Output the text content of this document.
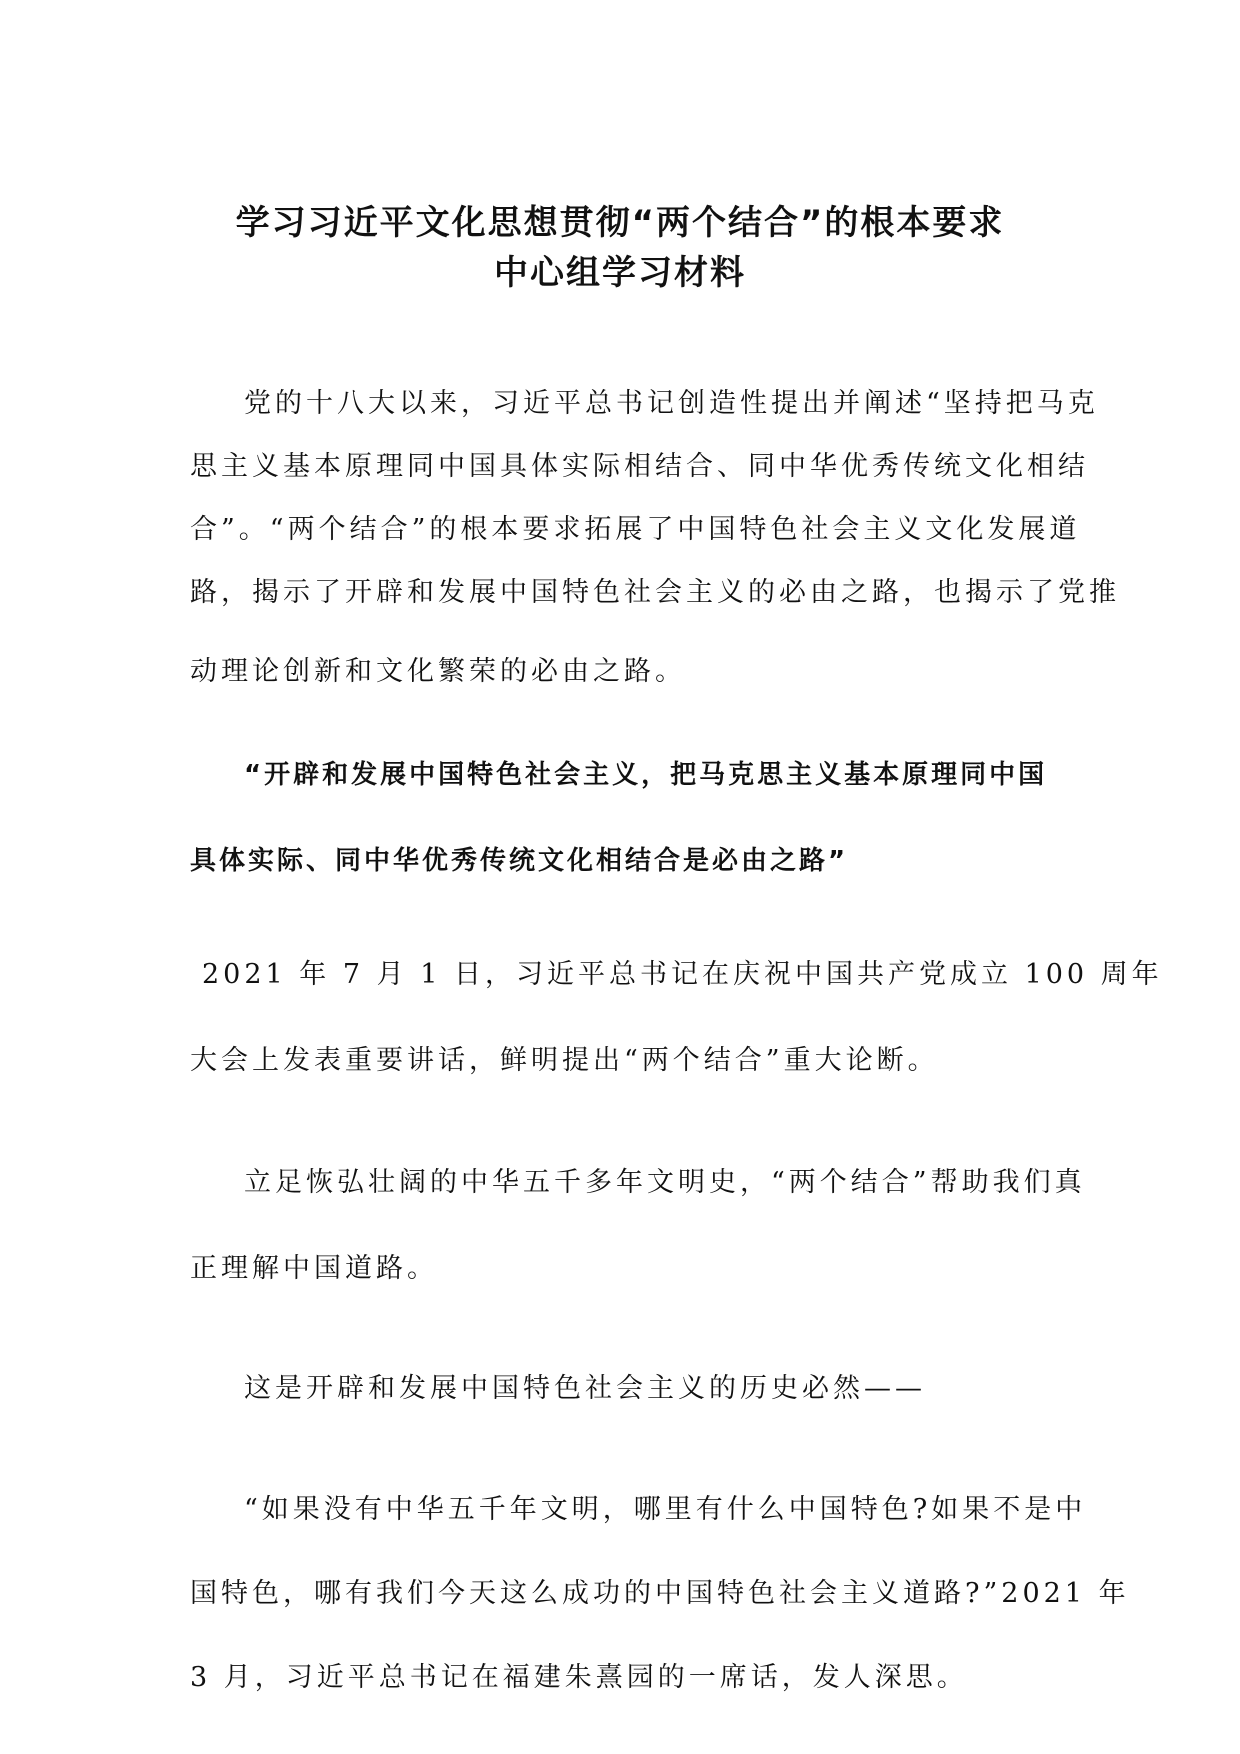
学习习近平文化思想贯彻“两个结合”的根本要求
中心组学习材料

党的十八大以来，习近平总书记创造性提出并阐述“坚持把马克
思主义基本原理同中国具体实际相结合、同中华优秀传统文化相结
合”。“两个结合”的根本要求拓展了中国特色社会主义文化发展道
路，揭示了开辟和发展中国特色社会主义的必由之路，也揭示了党推
动理论创新和文化繁荣的必由之路。

“开辟和发展中国特色社会主义，把马克思主义基本原理同中国
具体实际、同中华优秀传统文化相结合是必由之路”

2021 年 7 月 1 日，习近平总书记在庆祝中国共产党成立 100 周年
大会上发表重要讲话，鲜明提出“两个结合”重大论断。

立足恢弘壮阔的中华五千多年文明史，“两个结合”帮助我们真
正理解中国道路。

这是开辟和发展中国特色社会主义的历史必然——

“如果没有中华五千年文明，哪里有什么中国特色?如果不是中
国特色，哪有我们今天这么成功的中国特色社会主义道路?”2021 年
3 月，习近平总书记在福建朱熹园的一席话，发人深思。
